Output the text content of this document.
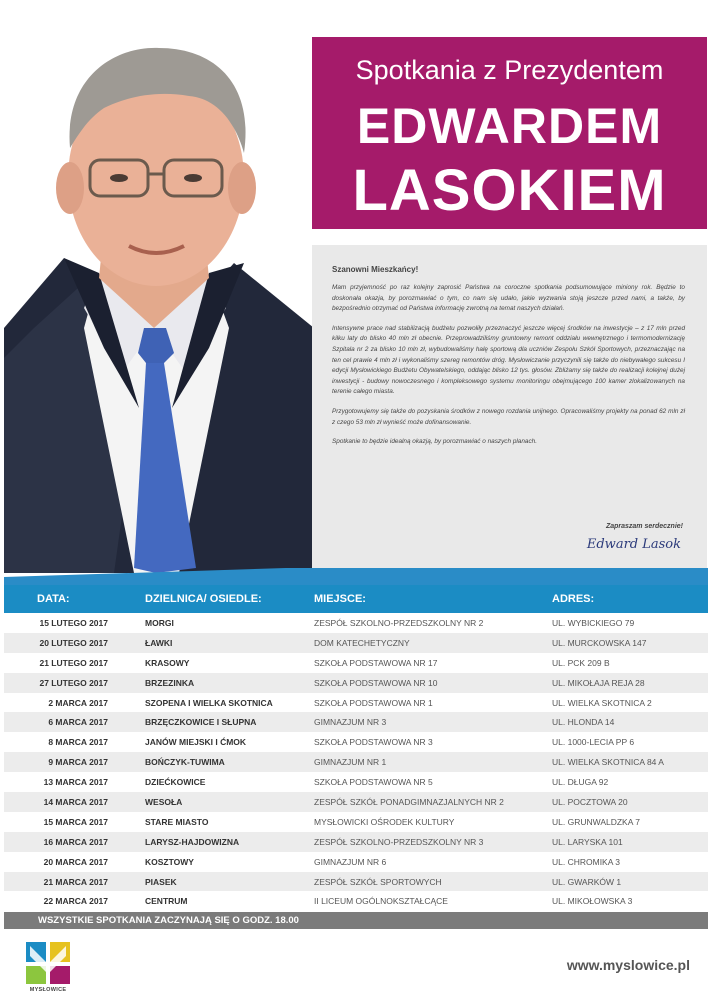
Spotkania z Prezydentem
EDWARDEM
LASOKIEM
Szanowni Mieszkańcy!

Mam przyjemność po raz kolejny zaprosić Państwa na coroczne spotkania podsumowujące miniony rok. Będzie to doskonała okazja, by porozmawiać o tym, co nam się udało, jakie wyzwania stoją jeszcze przed nami, a także, by bezpośrednio otrzymać od Państwa informację zwrotną na temat naszych działań.

Intensywne prace nad stabilizacją budżetu pozwoliły przeznaczyć jeszcze więcej środków na inwestycje – z 17 mln przed kilku laty do blisko 40 mln zł obecnie. Przeprowadziliśmy gruntowny remont oddziału wewnętrznego i termomodernizację Szpitala nr 2 za blisko 10 mln zł, wybudowaliśmy halę sportową dla uczniów Zespołu Szkół Sportowych, przeznaczając na ten cel prawie 4 mln zł i wykonaliśmy szereg remontów dróg. Mysłowiczanie przyczynili się także do niebywałego sukcesu I edycji Mysłowickiego Budżetu Obywatelskiego, oddając blisko 12 tys. głosów. Zbliżamy się także do realizacji kolejnej dużej inwestycji - budowy nowoczesnego i kompleksowego systemu monitoringu obejmującego 100 kamer zlokalizowanych na terenie całego miasta.

Przygotowujemy się także do pozyskania środków z nowego rozdania unijnego. Opracowaliśmy projekty na ponad 62 mln zł z czego 53 mln zł wynieść może dofinansowanie.

Spotkanie to będzie idealną okazją, by porozmawiać o naszych planach.

Zapraszam serdecznie!
Edward Lasok
DATA:	DZIELNICA/ OSIEDLE:	MIEJSCE:	ADRES:
15 LUTEGO 2017	MORGI	ZESPÓŁ SZKOLNO-PRZEDSZKOLNY NR 2	UL. WYBICKIEGO 79
20 LUTEGO 2017	ŁAWKI	DOM KATECHETYCZNY	UL. MURCKOWSKA 147
21 LUTEGO 2017	KRASOWY	SZKOŁA PODSTAWOWA NR 17	UL. PCK 209 B
27 LUTEGO 2017	BRZEZINKA	SZKOŁA PODSTAWOWA NR 10	UL. MIKOŁAJA REJA 28
2 MARCA 2017	SZOPENA I WIELKA SKOTNICA	SZKOŁA PODSTAWOWA NR 1	UL. WIELKA SKOTNICA 2
6 MARCA 2017	BRZĘCZKOWICE I SŁUPNA	GIMNAZJUM NR 3	UL. HLONDA 14
8 MARCA 2017	JANÓW MIEJSKI I ĆMOK	SZKOŁA PODSTAWOWA NR 3	UL. 1000-LECIA PP 6
9 MARCA 2017	BOŃCZYK-TUWIMA	GIMNAZJUM NR 1	UL. WIELKA SKOTNICA 84 A
13 MARCA 2017	DZIEĆKOWICE	SZKOŁA PODSTAWOWA NR 5	UL. DŁUGA 92
14 MARCA 2017	WESOŁA	ZESPÓŁ SZKÓŁ PONADGIMNAZJALNYCH NR 2	UL. POCZTOWA 20
15 MARCA 2017	STARE MIASTO	MYSŁOWICKI OŚRODEK KULTURY	UL. GRUNWALDZKA 7
16 MARCA 2017	LARYSZ-HAJDOWIZNA	ZESPÓŁ SZKOLNO-PRZEDSZKOLNY NR 3	UL. LARYSKA 101
20 MARCA 2017	KOSZTOWY	GIMNAZJUM NR 6	UL. CHROMIKA 3
21 MARCA 2017	PIASEK	ZESPÓŁ SZKÓŁ SPORTOWYCH	UL. GWARKÓW 1
22 MARCA 2017	CENTRUM	II LICEUM OGÓLNOKSZTAŁCĄCE	UL. MIKOŁOWSKA 3
WSZYSTKIE SPOTKANIA ZACZYNAJĄ SIĘ O GODZ. 18.00
MYSŁOWICE
www.myslowice.pl
